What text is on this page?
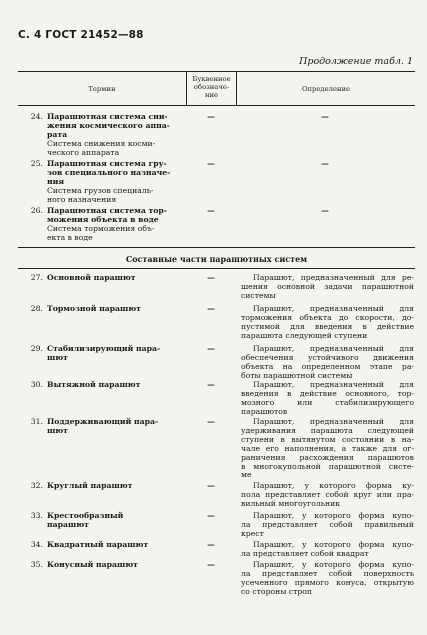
С. 4 ГОСТ 21452—88
Продолжение табл. 1
Термин
Буквенное
обозначе-
ние
Определение
24. Парашютная система сни-
жения космического аппа-
рата
Система снижения косми-
ческого аппарата
—	—
25. Парашютная система гру-
зов специального назначе-
ния
Система грузов специаль-
ного назначения
—	—
26. Парашютная система тор-
можения объекта в воде
Система торможения объ-
екта в воде
—	—
Составные части парашютных систем
27. Основной парашют	—	Парашют, предназначенный для ре-
шения основной задачи парашютной
системы
28. Тормозной парашют	—	Парашют, предназначенный для
торможения объекта до скорости, до-
пустимой для введения в действие
парашюта следующей ступени
29. Стабилизирующий пара-
шют
—	Парашют, предназначенный для
обеспечения устойчивого движения
объекта на определенном этапе ра-
боты парашютной системы
30. Вытяжной парашют	—	Парашют, предназначенный для
введения в действие основного, тор-
мозного или стабилизирующего
парашютов
31. Поддерживающий пара-
шют
—	Парашют, предназначенный для
удерживания парашюта следующей
ступени в вытянутом состоянии в на-
чале его наполнения, а также для ог-
раничения расхождения парашютов
в многокупольной парашютной систе-
ме
32. Круглый парашют	—	Парашют, у которого форма ку-
пола представляет собой круг или пра-
вильный многоугольник
33. Крестообразный парашют
—	Парашют, у которого форма купо-
ла представляет собой правильный
крест
34. Квадратный парашют	—	Парашют, у которого форма купо-
ла представляет собой квадрат
35. Конусный парашют	—	Парашют, у которого форма купо-
ла представляет собой поверхность
усеченного прямого конуса, открытую
со стороны строп
